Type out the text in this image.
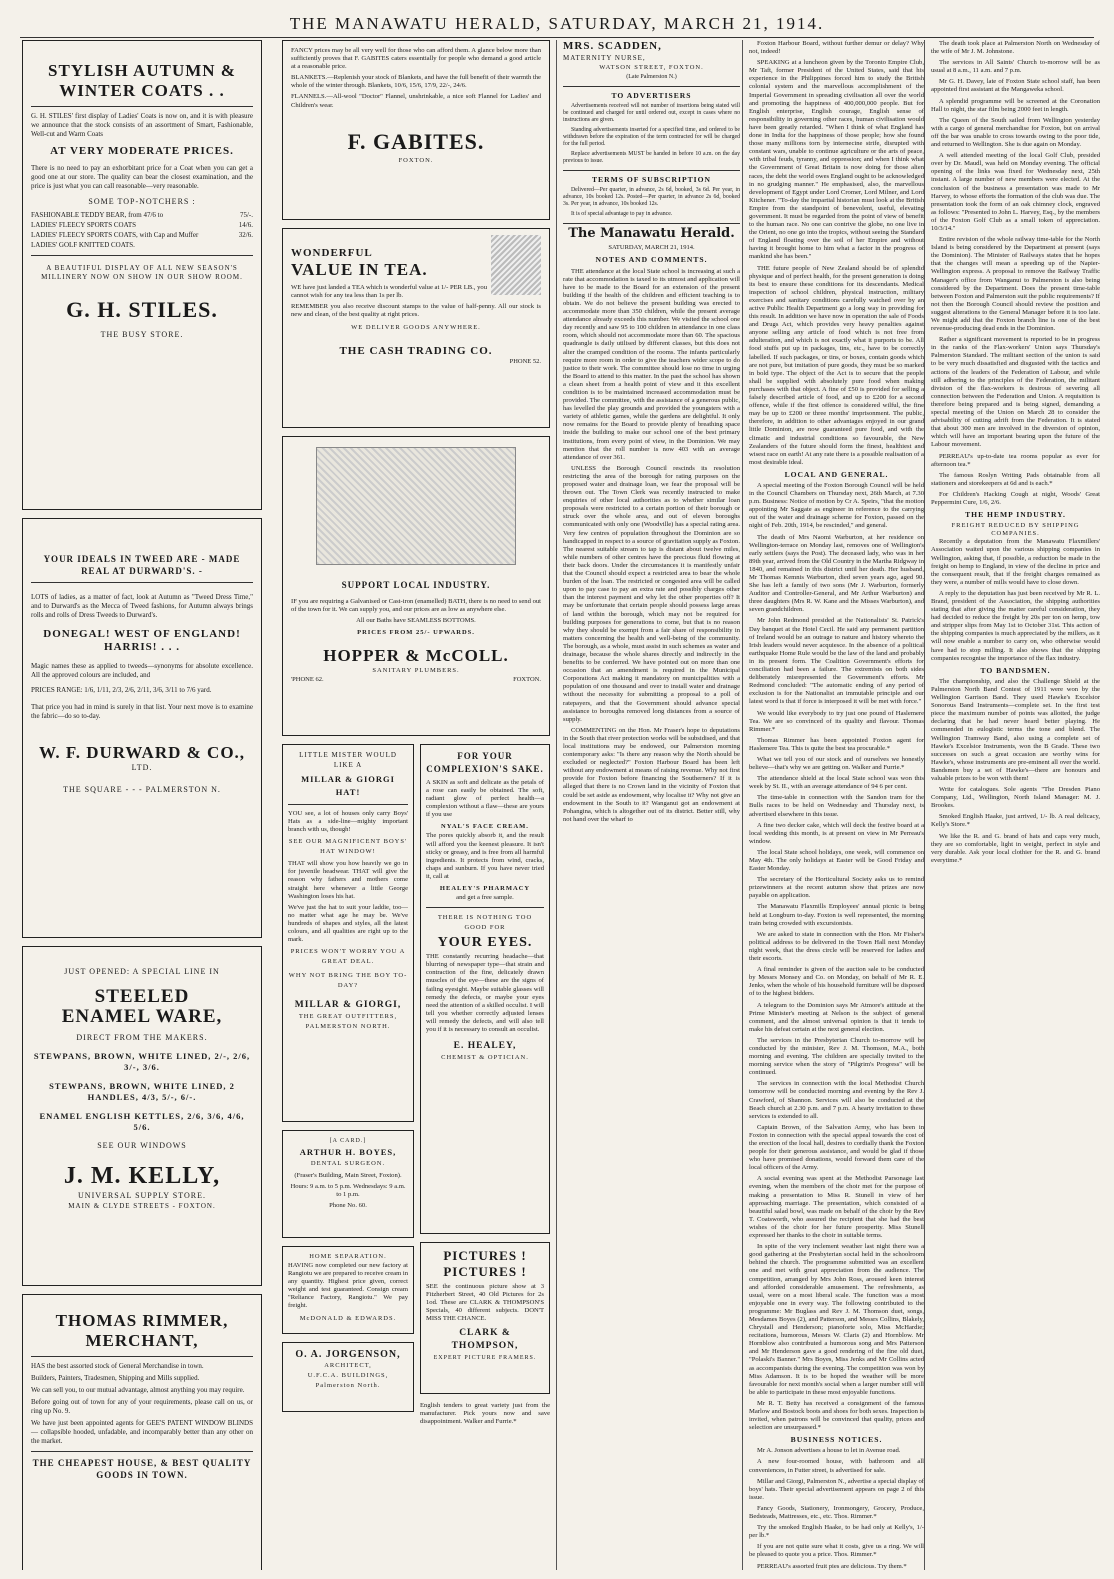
THE MANAWATU HERALD, SATURDAY, MARCH 21, 1914.
STYLISH AUTUMN &
WINTER COATS . .

G. H. STILES' first display of Ladies' Coats is now on, and it is with pleasure we announce that the stock consists of an assortment of Smart, Fashionable, Well-cut and Warm Coats

AT VERY MODERATE PRICES.

There is no need to pay an exhorbitant price for a Coat when you can get a good one at our store. The quality can bear the closest examination, and the price is just what you can call reasonable—very reasonable.

SOME TOP-NOTCHERS :
FASHIONABLE TEDDY BEAR, from 47/6 to	75/-.
LADIES' FLEECY SPORTS COATS	14/6.
LADIES' FLEECY SPORTS COATS, with Cap and Muffer	32/6.
LADIES' GOLF KNITTED COATS.
A BEAUTIFUL DISPLAY OF ALL NEW SEASON'S MILLINERY NOW ON SHOW IN OUR SHOW ROOM.
G. H. STILES.
THE BUSY STORE.
YOUR IDEALS IN TWEED ARE - MADE REAL AT DURWARD'S. -

LOTS of ladies, as a matter of fact, look at Autumn as "Tweed Dress Time," and to Durward's as the Mecca of Tweed fashions, for Autumn always brings rolls and rolls of Dress Tweeds to Durward's.

DONEGAL! WEST OF ENGLAND! HARRIS! . . .

Magic names these as applied to tweeds—synonyms for absolute excellence. All the approved colours are included, and

PRICES RANGE: 1/6, 1/11, 2/3, 2/6, 2/11, 3/6, 3/11 to 7/6 yard.

That price you had in mind is surely in that list. Your next move is to examine the fabric—do so to-day.

W. F. DURWARD & CO.,
LTD.
THE SQUARE - - - PALMERSTON N.
JUST OPENED: A SPECIAL LINE IN
STEELED
ENAMEL WARE,
DIRECT FROM THE MAKERS.
STEWPANS, BROWN, WHITE LINED, 2/-, 2/6, 3/-, 3/6.
STEWPANS, BROWN, WHITE LINED, 2 HANDLES, 4/3, 5/-, 6/-.
ENAMEL ENGLISH KETTLES, 2/6, 3/6, 4/6, 5/6.
SEE OUR WINDOWS
J. M. KELLY,
UNIVERSAL SUPPLY STORE.
MAIN & CLYDE STREETS - FOXTON.
THOMAS RIMMER,
MERCHANT,

HAS the best assorted stock of General Merchandise in town.

Builders, Painters, Tradesmen, Shipping and Mills supplied.

We can sell you, to our mutual advantage, almost anything you may require.

Before going out of town for any of your requirements, please call on us, or ring up No. 9.

We have just been appointed agents for GEE'S PATENT WINDOW BLINDS — collapsible hooded, unfadable, and incomparably better than any other on the market.

THE CHEAPEST HOUSE, & BEST QUALITY GOODS IN TOWN.

FANCY prices may be all very well for those who can afford them. A glance below more than sufficiently proves that F. GABITES caters essentially for people who demand a good article at a reasonable price.

BLANKETS.—Replenish your stock of Blankets, and have the full benefit of their warmth the whole of the winter through. Blankets, 10/6, 15/6, 17/9, 22/-, 24/6.

FLANNELS.—All-wool "Doctor" Flannel, unshrinkable, a nice soft Flannel for Ladies' and Children's wear.

F. GABITES.
FOXTON.
WONDERFUL
VALUE IN TEA.

WE have just landed a TEA which is wonderful value at 1/- PER LB., you cannot wish for any tea less than 1s per lb.

REMEMBER you also receive discount stamps to the value of half-penny. All our stock is new and clean, of the best quality at right prices.

WE DELIVER GOODS ANYWHERE.
THE CASH TRADING CO.
PHONE 52.
SUPPORT LOCAL INDUSTRY.

IF you are requiring a Galvanised or Cast-iron (enamelled) BATH, there is no need to send out of the town for it. We can supply you, and our prices are as low as anywhere else.

All our Baths have SEAMLESS BOTTOMS.

PRICES FROM 25/- UPWARDS.
HOPPER & McCOLL.
SANITARY PLUMBERS.
'PHONE 62.	FOXTON.
LITTLE MISTER WOULD LIKE A
MILLAR & GIORGI HAT!

YOU see, a lot of houses only carry Boys' Hats as a side-line—mighty important branch with us, though!

SEE OUR MAGNIFICENT BOYS' HAT WINDOW!

THAT will show you how heavily we go in for juvenile headwear. THAT will give the reason why fathers and mothers come straight here whenever a little George Washington loses his hat.

We've just the hat to suit your laddie, too—no matter what age he may be. We've hundreds of shapes and styles, all the latest colours, and all qualities are right up to the mark.

PRICES WON'T WORRY YOU A GREAT DEAL.
WHY NOT BRING THE BOY TO-DAY?
MILLAR & GIORGI,
THE GREAT OUTFITTERS,
PALMERSTON NORTH.
[A CARD.]
ARTHUR H. BOYES,
DENTAL SURGEON.

(Fraser's Building, Main Street, Foxton).

Hours: 9 a.m. to 5 p.m. Wednesdays: 9 a.m. to 1 p.m.

Phone No. 60.

HOME SEPARATION.

HAVING now completed our new factory at Rangiotu we are prepared to receive cream in any quantity. Highest price given, correct weight and test guaranteed. Consign cream "Reliance Factory, Rangiotu." We pay freight.

McDONALD & EDWARDS.
O. A. JORGENSON,
ARCHITECT,
U.F.C.A. BUILDINGS,
Palmerston North.
FOR YOUR COMPLEXION'S SAKE.

A SKIN as soft and delicate as the petals of a rose can easily be obtained. The soft, radiant glow of perfect health—a complexion without a flaw—these are yours if you use

NYAL'S FACE CREAM.

The pores quickly absorb it, and the result will afford you the keenest pleasure. It isn't sticky or greasy, and is free from all harmful ingredients. It protects from wind, cracks, chaps and sunburn. If you have never tried it, call at

HEALEY'S PHARMACY

and get a free sample.

THERE IS NOTHING TOO GOOD FOR
YOUR EYES.

THE constantly recurring headache—that blurring of newspaper type—that strain and contraction of the fine, delicately drawn muscles of the eye—these are the signs of failing eyesight. Maybe suitable glasses will remedy the defects, or maybe your eyes need the attention of a skilled occulist. I will tell you whether correctly adjusted lenses will remedy the defects, and will also tell you if it is necessary to consult an occulist.

E. HEALEY,
CHEMIST & OPTICIAN.
PICTURES !
PICTURES !

SEE the continuous picture show at 3 Fitzherbert Street, 40 Old Pictures for 2s 1od. These are CLARK & THOMPSON'S Specials, 40 different subjects. DON'T MISS THE CHANCE.

CLARK & THOMPSON,
EXPERT PICTURE FRAMERS.

English tenders to great variety just from the manufacturer. Pick yours now and save disappointment. Walker and Furrie.*

MRS. SCADDEN,
MATERNITY NURSE,
WATSON STREET, FOXTON.
(Late Palmerston N.)
TO ADVERTISERS

Advertisements received will not number of insertions being stated will be continued and charged for until ordered out, except in cases where no instructions are given.

Standing advertisements inserted for a specified time, and ordered to be withdrawn before the expiration of the term contracted for will be charged for the full period.

Replace advertisements MUST be handed in before 10 a.m. on the day previous to issue.

TERMS OF SUBSCRIPTION

Delivered—Per quarter, in advance, 2s 6d, booked, 3s 6d. Per year, in advance, 10s booked 12s. Posted—Per quarter, in advance 2s 6d, booked 3s. Per year, in advance, 10s booked 12s.

It is of special advantage to pay in advance.

The Manawatu Herald.
SATURDAY, MARCH 21, 1914.
NOTES AND COMMENTS.

THE attendance at the local State school is increasing at such a rate that accommodation is taxed to its utmost and application will have to be made to the Board for an extension of the present building if the health of the children and efficient teaching is to obtain. We do not believe the present building was erected to accommodate more than 350 children, while the present average attendance already exceeds this number. We visited the school one day recently and saw 95 to 100 children in attendance in one class room, which should not accommodate more than 60. The spacious quadrangle is daily utilised by different classes, but this does not alter the cramped condition of the rooms. The infants particularly require more room in order to give the teachers wider scope to do justice to their work. The committee should lose no time in urging the Board to attend to this matter. In the past the school has shown a clean sheet from a health point of view and it this excellent condition is to be maintained increased accommodation must be provided. The committee, with the assistance of a generous public, has levelled the play grounds and provided the youngsters with a variety of athletic games, while the gardens are delightful. It only now remains for the Board to provide plenty of breathing space inside the building to make our school one of the best primary institutions, from every point of view, in the Dominion. We may mention that the roll number is now 403 with an average attendance of over 361.

UNLESS the Borough Council rescinds its resolution restricting the area of the borough for rating purposes on the proposed water and drainage loan, we fear the proposal will be thrown out. The Town Clerk was recently instructed to make enquiries of other local authorities as to whether similar loan proposals were restricted to a certain portion of their borough or struck over the whole area, and out of eleven boroughs communicated with only one (Woodville) has a special rating area. Very few centres of population throughout the Dominion are so handicapped in respect to a source of gravitation supply as Foxton. The nearest suitable stream to tap is distant about twelve miles, while numbers of other centres have the precious fluid flowing at their back doors. Under the circumstances it is manifestly unfair that the Council should expect a restricted area to bear the whole burden of the loan. The restricted or congested area will be called upon to pay case to pay an extra rate and possibly charges other than the interest payment and why let the other properties off? It may be unfortunate that certain people should possess large areas of land within the borough, which may not be required for building purposes for generations to come, but that is no reason why they should be exempt from a fair share of responsibility in matters concerning the health and well-being of the community. The borough, as a whole, must assist in such schemes as water and drainage, because the whole shares directly and indirectly in the benefits to be conferred. We have pointed out on more than one occasion that an amendment is required in the Municipal Corporations Act making it mandatory on municipalities with a population of one thousand and over to install water and drainage without the necessity for submitting a proposal to a poll of ratepayers, and that the Government should advance special assistance to boroughs removed long distances from a source of supply.

COMMENTING on the Hon. Mr Fraser's hope to deputations in the South that river protection works will be subsidised, and that local institutions may be endowed, our Palmerston morning contemporary asks: "Is there any reason why the North should be excluded or neglected?" Foxton Harbour Board has been left without any endowment at means of raising revenue. Why not first provide for Foxton before financing the Southerners? If it is alleged that there is no Crown land in the vicinity of Foxton that could be set aside as endowment, why localise it? Why not give an endowment in the South to it? Wanganui got an endowment at Pohangina, which is altogether out of its district. Better still, why not hand over the wharf to

Foxton Harbour Board, without further demur or delay? Why not, indeed!

SPEAKING at a luncheon given by the Toronto Empire Club, Mr Taft, former President of the United States, said that his experience in the Philippines forced him to study the British colonial system and the marvellous accomplishment of the Imperial Government in spreading civilisation all over the world and promoting the happiness of 400,000,000 people. But for English enterprise, English courage, English sense of responsibility in governing other races, human civilisation would have been greatly retarded. "When I think of what England has done in India for the happiness of those people; how she found those many millions torn by internecine strife, disrupted with constant wars, unable to continue agriculture or the arts of peace, with tribal feuds, tyranny, and oppression; and when I think what the Government of Great Britain is now doing for those alien races, the debt the world owes England ought to be acknowledged in no grudging manner." He emphasised, also, the marvellous development of Egypt under Lord Cromer, Lord Milner, and Lord Kitchener. "To-day the impartial historian must look at the British Empire from the standpoint of benevolent, useful, elevating government. It must be regarded from the point of view of benefit to the human race. No one can contrive the globe, no one live in the Orient, no one go into the tropics, without seeing the Standard of England floating over the soil of her Empire and without having it brought home to him what a factor in the progress of mankind she has been."

THE future people of New Zealand should be of splendid physique and of perfect health, for the present generation is doing its best to ensure these conditions for its descendants. Medical inspection of school children, physical instruction, military exercises and sanitary conditions carefully watched over by an active Public Health Department go a long way in providing for this result. In addition we have now in operation the sale of Foods and Drugs Act, which provides very heavy penalties against anyone selling any article of food which is not free from adulteration, and which is not exactly what it purports to be. All food stuffs put up in packages, tins, etc., have to be correctly labelled. If such packages, or tins, or boxes, contain goods which are not pure, but imitation of pure goods, they must be so marked in bold type. The object of the Act is to secure that the people shall be supplied with absolutely pure food when making purchases with that object. A fine of £50 is provided for selling a falsely described article of food, and up to £200 for a second offence, while if the first offence is considered wilful, the fine may be up to £200 or three months' imprisonment. The public, therefore, in addition to other advantages enjoyed in our grand little Dominion, are now guaranteed pure food, and with the climatic and industrial conditions so favourable, the New Zealanders of the future should form the finest, healthiest and wisest race on earth! At any rate there is a possible realisation of a most desirable ideal.

LOCAL AND GENERAL.

A special meeting of the Foxton Borough Council will be held in the Council Chambers on Thursday next, 26th March, at 7.30 p.m. Business: Notice of motion by Cr A. Speirs, "that the motion appointing Mr Saggate as engineer in reference to the carrying out of the water and drainage scheme for Foxton, passed on the night of Feb. 20th, 1914, be rescinded," and general.

The death of Mrs Naomi Warburton, at her residence on Wellington-terrace on Monday last, removes one of Wellington's early settlers (says the Post). The deceased lady, who was in her 89th year, arrived from the Old Country in the Martha Ridgway in 1840, and remained in this district until her death. Her husband, Mr Thomas Kemnis Warburton, died seven years ago, aged 90. She has left a family of two sons (Mr J. Warburton, formerly Auditor and Controller-General, and Mr Arthur Warburton) and three daughters (Mrs R. W. Kane and the Misses Warburton), and seven grandchildren.

Mr John Redmond presided at the Nationalists' St. Patrick's Day banquet at the Hotel Cecil. He said any permanent partition of Ireland would be an outrage to nature and history whereto the Irish leaders would never acquiesce. In the absence of a political earthquake Home Rule would be the law of the land and probably in its present form. The Coalition Government's efforts for conciliation had been a failure. The extremists on both sides deliberately misrepresented the Government's efforts. Mr Redmond concluded: "The automatic ending of any period of exclusion is for the Nationalist an immutable principle and our latest word is that if force is interposed it will be met with force."

We would like everybody to try just one pound of Haslemere Tea. We are so convinced of its quality and flavour. Thomas Rimmer.*

Thomas Rimmer has been appointed Foxton agent for Haslemere Tea. This is quite the best tea procurable.*

What we tell you of our stock and of ourselves we honestly believe—that's why we are getting on. Walker and Furrie.*

The attendance shield at the local State school was won this week by St. II., with an average attendance of 94 6 per cent.

The time-table in connection with the Sandon tram for the Bulls races to be held on Wednesday and Thursday next, is advertised elsewhere in this issue.

A fine two decker cake, which will deck the festive board at a local wedding this month, is at present on view in Mr Perreau's window.

The local State school holidays, one week, will commence on May 4th. The only holidays at Easter will be Good Friday and Easter Monday.

The secretary of the Horticultural Society asks us to remind prizewinners at the recent autumn show that prizes are now payable on application.

The Manawatu Flaxmills Employees' annual picnic is being held at Longburn to-day. Foxton is well represented, the morning train being crowded with excursionists.

We are asked to state in connection with the Hon. Mr Fisher's political address to be delivered in the Town Hall next Monday night week, that the dress circle will be reserved for ladies and their escorts.

A final reminder is given of the auction sale to be conducted by Messrs Monsey and Co. on Monday, on behalf of Mr R. E. Jenks, when the whole of his household furniture will be disposed of to the highest bidders.

A telegram to the Dominion says Mr Atmore's attitude at the Prime Minister's meeting at Nelson is the subject of general comment, and the almost universal opinion is that it tends to make his defeat certain at the next general election.

The services in the Presbyterian Church to-morrow will be conducted by the minister, Rev J. M. Thomson, M.A., both morning and evening. The children are specially invited to the morning service when the story of "Pilgrim's Progress" will be continued.

The services in connection with the local Methodist Church tomorrow will be conducted morning and evening by the Rev J. Crawford, of Shannon. Services will also be conducted at the Beach church at 2.30 p.m. and 7 p.m. A hearty invitation to these services is extended to all.

Captain Brown, of the Salvation Army, who has been in Foxton in connection with the special appeal towards the cost of the erection of the local hall, desires to cordially thank the Foxton people for their generous assistance, and would be glad if those who have promised donations, would forward them care of the local officers of the Army.

A social evening was spent at the Methodist Parsonage last evening, when the members of the choir met for the purpose of making a presentation to Miss R. Stunell in view of her approaching marriage. The presentation, which consisted of a beautiful salad bowl, was made on behalf of the choir by the Rev T. Coatsworth, who assured the recipient that she had the best wishes of the choir for her future prosperity. Miss Stunell expressed her thanks to the choir in suitable terms.

In spite of the very inclement weather last night there was a good gathering at the Presbyterian social held in the schoolroom behind the church. The programme submitted was an excellent one and met with great appreciation from the audience. The competition, arranged by Mrs John Ross, aroused keen interest and afforded considerable amusement. The refreshments, as usual, were on a most liberal scale. The function was a most enjoyable one in every way. The following contributed to the programme: Mr Buglass and Rev J. M. Thomson duet, songs, Mesdames Boyes (2), and Patterson, and Messrs Collins, Blakely, Chrystall and Henderson; pianoforte solo, Miss McHardie; recitations, humorous, Messrs W. Claris (2) and Hornblow. Mr Hornblow also contributed a humorous song and Mrs Patterson and Mr Henderson gave a good rendering of the fine old duet, "Polaski's Banner." Mrs Boyes, Miss Jenks and Mr Collins acted as accompanists during the evening. The competition was won by Miss Adamson. It is to be hoped the weather will be more favourable for next month's social when a larger number still will be able to participate in these most enjoyable functions.

Mr R. T. Betty has received a consignment of the famous Marlow and Bostock boots and shoes for both sexes. Inspection is invited, when patrons will be convinced that quality, prices and selection are unsurpassed.*

BUSINESS NOTICES.

Mr A. Jonson advertises a house to let in Avenue road.

A new four-roomed house, with bathroom and all conveniences, in Futter street, is advertised for sale.

Millar and Giorgi, Palmerston N., advertise a special display of boys' hats. Their special advertisement appears on page 2 of this issue.

Fancy Goods, Stationery, Ironmongery, Grocery, Produce, Bedsteads, Mattresses, etc., etc. Thos. Rimmer.*

Try the smoked English Haake, to be had only at Kelly's, 1/- per lb.*

If you are not quite sure what it costs, give us a ring. We will be pleased to quote you a price. Thos. Rimmer.*

PERREAU's assorted fruit pies are delicious. Try them.*

The death took place at Palmerston North on Wednesday of the wife of Mr J. M. Johnstone.

The services in All Saints' Church to-morrow will be as usual at 8 a.m., 11 a.m. and 7 p.m.

Mr G. H. Davey, late of Foxton State school staff, has been appointed first assistant at the Mangaweka school.

A splendid programme will be screened at the Coronation Hall to night, the star film being 2000 feet in length.

The Queen of the South sailed from Wellington yesterday with a cargo of general merchandise for Foxton, but on arrival off the bar was unable to cross towards owing to the poor tide, and returned to Wellington. She is due again on Monday.

A well attended meeting of the local Golf Club, presided over by Dr. Maudl, was held on Monday evening. The official opening of the links was fixed for Wednesday next, 25th instant. A large number of new members were elected. At the conclusion of the business a presentation was made to Mr Harvey, to whose efforts the formation of the club was due. The presentation took the form of an oak chimney clock, engraved as follows: "Presented to John L. Harvey, Esq., by the members of the Foxton Golf Club as a small token of appreciation. 10/3/14."

Entire revision of the whole railway time-table for the North Island is being considered by the Department at present (says the Dominion). The Minister of Railways states that he hopes that the changes will mean a speeding up of the Napier-Wellington express. A proposal to remove the Railway Traffic Manager's office from Wanganui to Palmerston is also being considered by the Department. Does the present time-table between Foxton and Palmerston suit the public requirements? If not then the Borough Council should review the position and suggest alterations to the General Manager before it is too late. We might add that the Foxton branch line is one of the best revenue-producing dead ends in the Dominion.

Rather a significant movement is reported to be in progress in the ranks of the Flax-workers' Union says Thursday's Palmerston Standard. The militant section of the union is said to be very much dissatisfied and disgusted with the tactics and actions of the leaders of the Federation of Labour, and while still adhering to the principles of the Federation, the militant division of the flax-workers is desirous of severing all connection between the Federation and Union. A requisition is therefore being prepared and is being signed, demanding a special meeting of the Union on March 28 to consider the advisability of cutting adrift from the Federation. It is stated that about 300 men are involved in the diversion of opinion, which will have an important bearing upon the future of the Labour movement.

PERREAU's up-to-date tea rooms popular as ever for afternoon tea.*

The famous Roslyn Writing Pads obtainable from all stationers and storekeepers at 6d and is each.*

For Children's Hacking Cough at night, Woods' Great Peppermint Cure, 1/6, 2/6.

THE HEMP INDUSTRY.
FREIGHT REDUCED BY SHIPPING COMPANIES.

Recently a deputation from the Manawatu Flaxmillers' Association waited upon the various shipping companies in Wellington, asking that, if possible, a reduction be made in the freight on hemp to England, in view of the decline in price and the consequent result, that if the freight charges remained as they were, a number of mills would have to close down.

A reply to the deputation has just been received by Mr R. L. Brand, president of the Association, the shipping authorities stating that after giving the matter careful consideration, they had decided to reduce the freight by 20s per ton on hemp, tow and stripper slips from May 1st to October 31st. This action of the shipping companies is much appreciated by the millers, as it will now enable a number to carry on, who otherwise would have had to stop milling. It also shows that the shipping companies recognise the importance of the flax industry.

TO BANDSMEN.

The championship, and also the Challenge Shield at the Palmerston North Band Contest of 1911 were won by the Wellington Garrison Band. They used Hawke's Excelsior Sonorous Band Instruments—complete set. In the first test piece the maximum number of points was allotted, the judge declaring that he had never heard better playing. He commended in eulogistic terms the tone and blend. The Wellington Tramway Band, also using a complete set of Hawke's Excelsior Instruments, won the B Grade. These two successes on such a great occasion are worthy wins for Hawke's, whose instruments are pre-eminent all over the world. Bandsmen buy a set of Hawke's—there are honours and valuable prizes to be won with them!

Write for catalogues. Sole agents "The Dresden Piano Company, Ltd., Wellington, North Island Manager: M. J. Brookes.

Smoked English Haake, just arrived, 1/- lb. A real delicacy, Kelly's Store.*

We like the R. and G. brand of hats and caps very much, they are so comfortable, light in weight, perfect in style and very durable. Ask your local clothier for the R. and G. brand everytime.*
